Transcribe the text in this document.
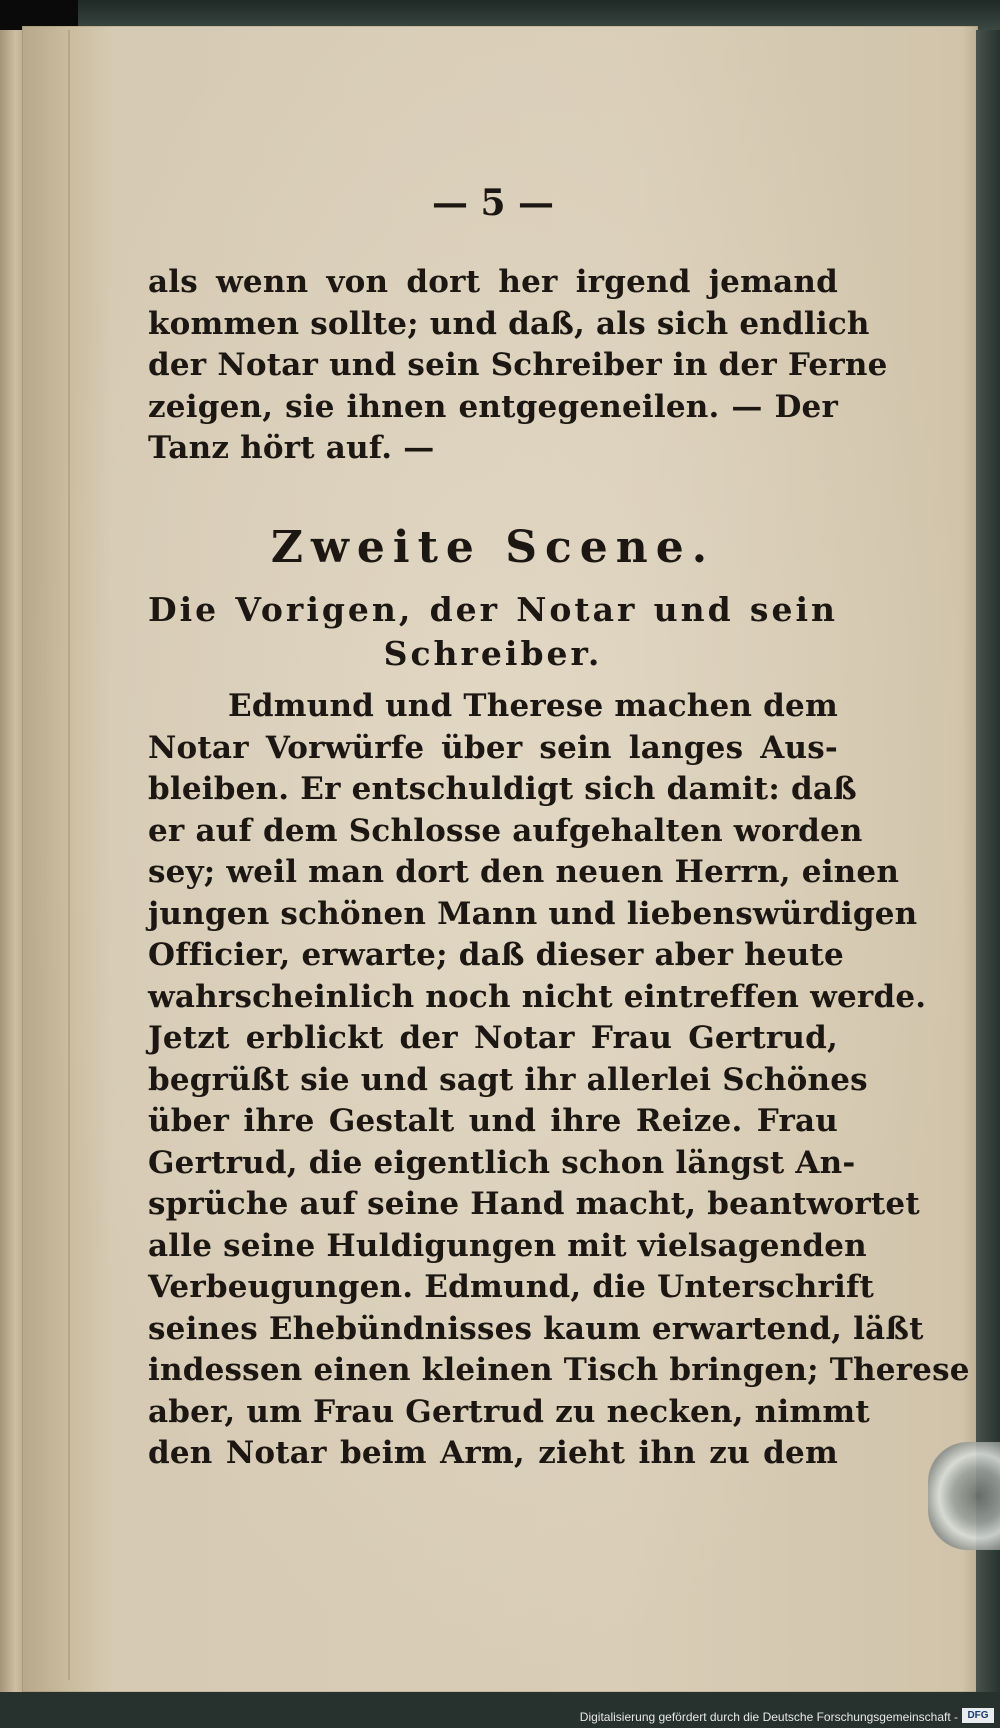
— 5 —
als wenn von dort her irgend jemand
kommen sollte; und daß, als sich endlich
der Notar und sein Schreiber in der Ferne
zeigen, sie ihnen entgegeneilen. — Der
Tanz hört auf. —
Zweite Scene.
Die Vorigen, der Notar und sein
Schreiber.
Edmund und Therese machen dem
Notar Vorwürfe über sein langes Aus-
bleiben. Er entschuldigt sich damit: daß
er auf dem Schlosse aufgehalten worden
sey; weil man dort den neuen Herrn, einen
jungen schönen Mann und liebenswürdigen
Officier, erwarte; daß dieser aber heute
wahrscheinlich noch nicht eintreffen werde.
Jetzt erblickt der Notar Frau Gertrud,
begrüßt sie und sagt ihr allerlei Schönes
über ihre Gestalt und ihre Reize. Frau
Gertrud, die eigentlich schon längst An-
sprüche auf seine Hand macht, beantwortet
alle seine Huldigungen mit vielsagenden
Verbeugungen. Edmund, die Unterschrift
seines Ehebündnisses kaum erwartend, läßt
indessen einen kleinen Tisch bringen; Therese
aber, um Frau Gertrud zu necken, nimmt
den Notar beim Arm, zieht ihn zu dem
Digitalisierung gefördert durch die Deutsche Forschungsgemeinschaft - DFG
